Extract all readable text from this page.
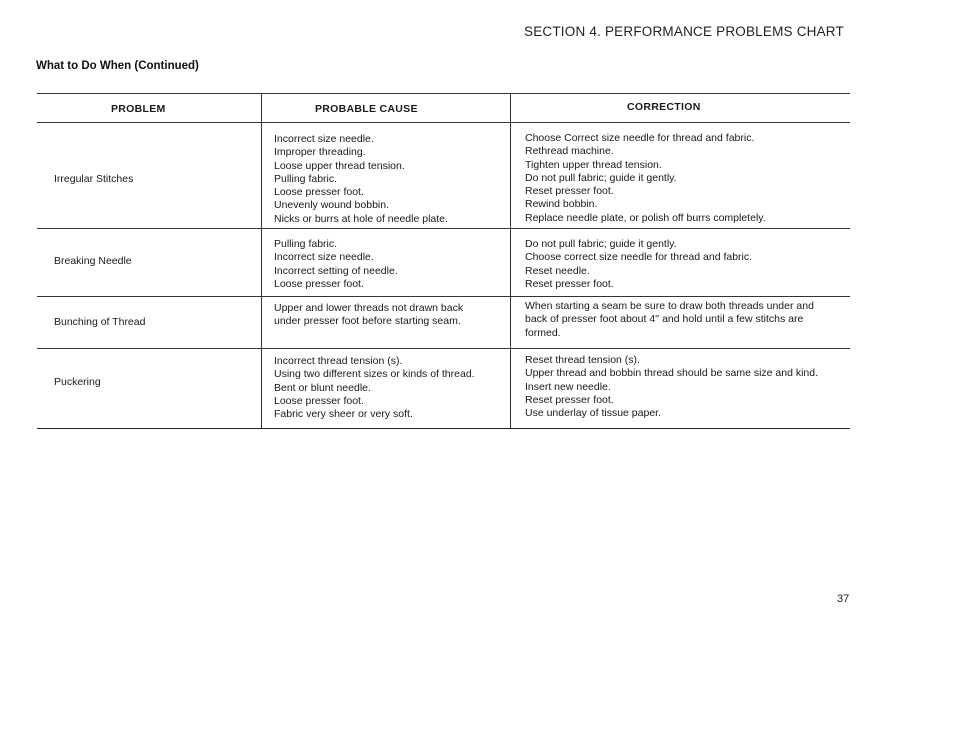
SECTION 4. PERFORMANCE PROBLEMS CHART
What to Do When (Continued)
PROBLEM	PROBABLE CAUSE	CORRECTION
Irregular Stitches
Incorrect size needle.
Improper threading.
Loose upper thread tension.
Pulling fabric.
Loose presser foot.
Unevenly wound bobbin.
Nicks or burrs at hole of needle plate.
Choose Correct size needle for thread and fabric.
Rethread machine.
Tighten upper thread tension.
Do not pull fabric; guide it gently.
Reset presser foot.
Rewind bobbin.
Replace needle plate, or polish off burrs completely.
Breaking Needle
Pulling fabric.
Incorrect size needle.
Incorrect setting of needle.
Loose presser foot.
Do not pull fabric; guide it gently.
Choose correct size needle for thread and fabric.
Reset needle.
Reset presser foot.
Bunching of Thread
Upper and lower threads not drawn back
under presser foot before starting seam.
When starting a seam be sure to draw both threads under and
back of presser foot about 4'' and hold until a few stitchs are
formed.
Puckering
Incorrect thread tension (s).
Using two different sizes or kinds of thread.
Bent or blunt needle.
Loose presser foot.
Fabric very sheer or very soft.
Reset thread tension (s).
Upper thread and bobbin thread should be same size and kind.
Insert new needle.
Reset presser foot.
Use underlay of tissue paper.
37
